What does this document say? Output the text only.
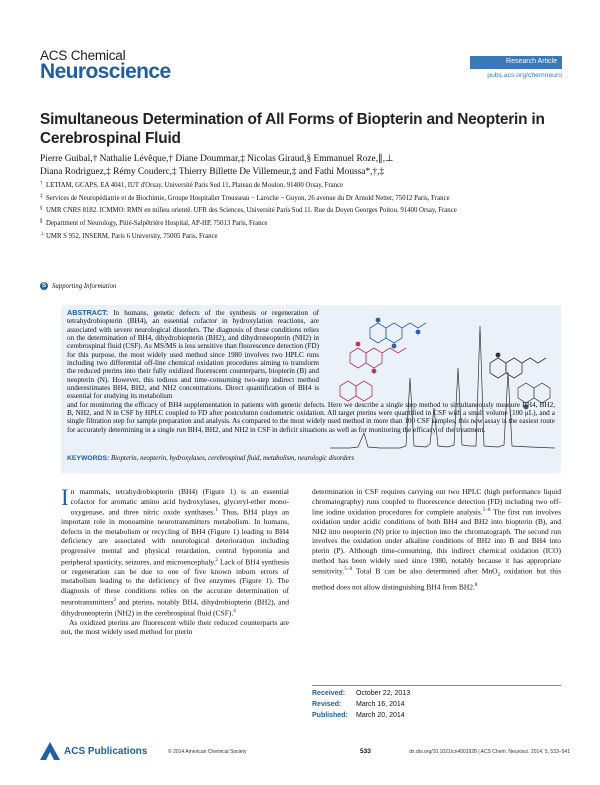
ACS Chemical
Neuroscience	Research Article
pubs.acs.org/chemneuro
Simultaneous Determination of All Forms of Biopterin and Neopterin in Cerebrospinal Fluid
Pierre Guibal,† Nathalie Lévêque,† Diane Doummar,‡ Nicolas Giraud,§ Emmanuel Roze,∥,⊥
Diana Rodriguez,‡ Rémy Couderc,‡ Thierry Billette De Villemeur,‡ and Fathi Moussa*,†,‡
† LETIAM, GCAPS, EA 4041, IUT d'Orsay, Université Paris Sud 11, Plateau de Moulon. 91400 Orsay, France
‡ Services de Neuropédiatrie et de Biochimie, Groupe Hospitalier Trousseau − Laroche − Guyon, 26 avenue du Dr Arnold Netter, 75012 Paris, France
§ UMR CNRS 8182. ICMMO: RMN en milieu orienté. UFR des Sciences, Université Paris Sud 11. Rue du Doyen Georges Poitou. 91400 Orsay, France
∥ Department of Neurology, Pitié-Salpêtrière Hospital, AP-HP, 75013 Paris, France
⊥ UMR S 952, INSERM, Paris 6 University, 75005 Paris, France
S Supporting Information
ABSTRACT: In humans, genetic defects of the synthesis or regeneration of tetrahydrobiopterin (BH4), an essential cofactor in hydroxylation reactions, are associated with severe neurological disorders. The diagnosis of these conditions relies on the determination of BH4, dihydrobiopterin (BH2), and dihydroneopterin (NH2) in cerebrospinal fluid (CSF). As MS/MS is less sensitive than fluorescence detection (FD) for this purpose, the most widely used method since 1980 involves two HPLC runs including two differential off-line chemical oxidation procedures aiming to transform the reduced pterins into their fully oxidized fluorescent counterparts, biopterin (B) and neopterin (N). However, this tedious and time-consuming two-step indirect method underestimates BH4, BH2, and NH2 concentrations. Direct quantification of BH4 is essential for studying its metabolism
and for monitoring the efficacy of BH4 supplementation in patients with genetic defects. Here we describe a single step method to simultaneously measure BH4, BH2, B, NH2, and N in CSF by HPLC coupled to FD after postcolumn coulometric oxidation. All target pterins were quantified in CSF with a small volume (100 μL), and a single filtration step for sample preparation and analysis. As compared to the most widely used method in more than 100 CSF samples, this new assay is the easiest route for accurately determining in a single run BH4, BH2, and NH2 in CSF in deficit situations as well as for monitoring the efficacy of the treatment.
KEYWORDS: Biopterin, neopterin, hydroxylases, cerebrospinal fluid, metabolism, neurologic disorders

In mammals, tetrahydrobiopterin (BH4) (Figure 1) is an essential cofactor for aromatic amino acid hydroxylases, glyceryl-ether mono-oxygenase, and three nitric oxide synthases.$^1$ Thus, BH4 plays an important role in monoamine neurotransmitters metabolism. In humans, defects in the metabolism or recycling of BH4 (Figure 1) leading to BH4 deficiency are associated with neurological deterioration including progressive mental and physical retardation, central hypotonia and peripheral spasticity, seizures, and microencephaly.$^2$ Lack of BH4 synthesis or regeneration can be due to one of five known inborn errors of metabolism leading to the deficiency of five enzymes (Figure 1). The diagnosis of these conditions relies on the accurate determination of neurotransmitters$^3$ and pterins, notably BH4, dihydrobiopterin (BH2), and dihydroneopterin (NH2) in the cerebrospinal fluid (CSF).$^4$

As oxidized pterins are fluorescent while their reduced counterparts are not, the most widely used method for pterin

determination in CSF requires carrying out two HPLC (high performance liquid chromatography) runs coupled to fluorescence detection (FD) including two off-line iodine oxidation procedures for complete analysis.$^{5-8}$ The first run involves oxidation under acidic conditions of both BH4 and BH2 into biopterin (B), and NH2 into neopterin (N) prior to injection into the chromatograph. The second run involves the oxidation under alkaline conditions of BH2 into B and BH4 into pterin (P). Although time-consuming, this indirect chemical oxidation (ICO) method has been widely used since 1980, notably because it has appropriate sensitivity.$^{5-8}$ Total B can be also determined after MnO$_2$ oxidation but this method does not allow distinguishing BH4 from BH2.$^8$

Received: October 22, 2013
Revised: March 16, 2014
Published: March 20, 2014
ACS Publications	© 2014 American Chemical Society	533	dx.doi.org/10.1021/cn4001928 | ACS Chem. Neurosci. 2014, 5, 533−541
